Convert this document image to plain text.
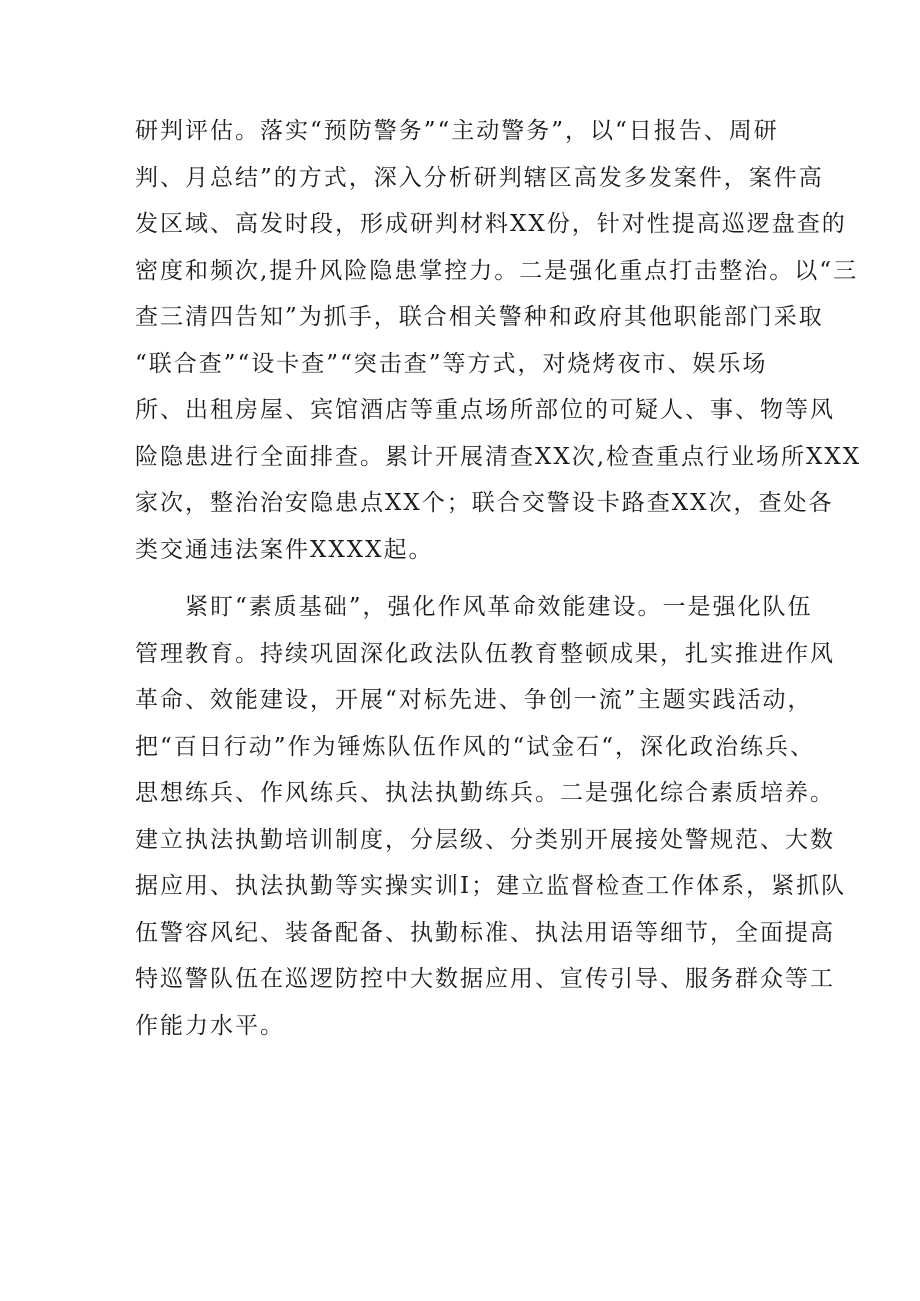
研判评估。落实“预防警务”“主动警务”，以“日报告、周研
判、月总结”的方式，深入分析研判辖区高发多发案件，案件高
发区域、高发时段，形成研判材料XX份，针对性提高巡逻盘查的
密度和频次,提升风险隐患掌控力。二是强化重点打击整治。以“三
查三清四告知”为抓手，联合相关警种和政府其他职能部门采取
“联合查”“设卡查”“突击查”等方式，对烧烤夜市、娱乐场
所、出租房屋、宾馆酒店等重点场所部位的可疑人、事、物等风
险隐患进行全面排查。累计开展清查XX次,检查重点行业场所XXX
家次，整治治安隐患点XX个；联合交警设卡路查XX次，查处各
类交通违法案件XXXX起。
　　紧盯“素质基础”，强化作风革命效能建设。一是强化队伍
管理教育。持续巩固深化政法队伍教育整顿成果，扎实推进作风
革命、效能建设，开展“对标先进、争创一流”主题实践活动，
把“百日行动”作为锤炼队伍作风的“试金石“，深化政治练兵、
思想练兵、作风练兵、执法执勤练兵。二是强化综合素质培养。
建立执法执勤培训制度，分层级、分类别开展接处警规范、大数
据应用、执法执勤等实操实训I；建立监督检查工作体系，紧抓队
伍警容风纪、装备配备、执勤标准、执法用语等细节，全面提高
特巡警队伍在巡逻防控中大数据应用、宣传引导、服务群众等工
作能力水平。
